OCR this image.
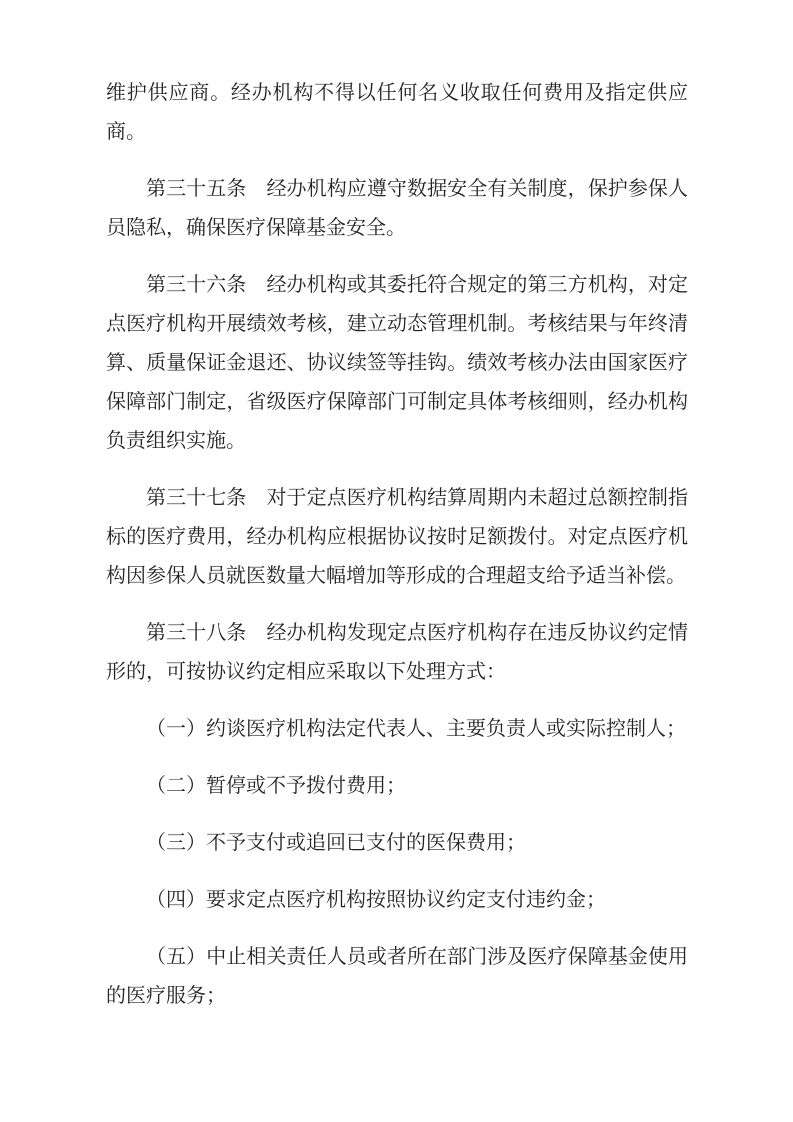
维护供应商。经办机构不得以任何名义收取任何费用及指定供应商。

第三十五条　经办机构应遵守数据安全有关制度，保护参保人员隐私，确保医疗保障基金安全。

第三十六条　经办机构或其委托符合规定的第三方机构，对定点医疗机构开展绩效考核，建立动态管理机制。考核结果与年终清算、质量保证金退还、协议续签等挂钩。绩效考核办法由国家医疗保障部门制定，省级医疗保障部门可制定具体考核细则，经办机构负责组织实施。

第三十七条　对于定点医疗机构结算周期内未超过总额控制指标的医疗费用，经办机构应根据协议按时足额拨付。对定点医疗机构因参保人员就医数量大幅增加等形成的合理超支给予适当补偿。

第三十八条　经办机构发现定点医疗机构存在违反协议约定情形的，可按协议约定相应采取以下处理方式：

（一）约谈医疗机构法定代表人、主要负责人或实际控制人；

（二）暂停或不予拨付费用；

（三）不予支付或追回已支付的医保费用；

（四）要求定点医疗机构按照协议约定支付违约金；

（五）中止相关责任人员或者所在部门涉及医疗保障基金使用的医疗服务；
